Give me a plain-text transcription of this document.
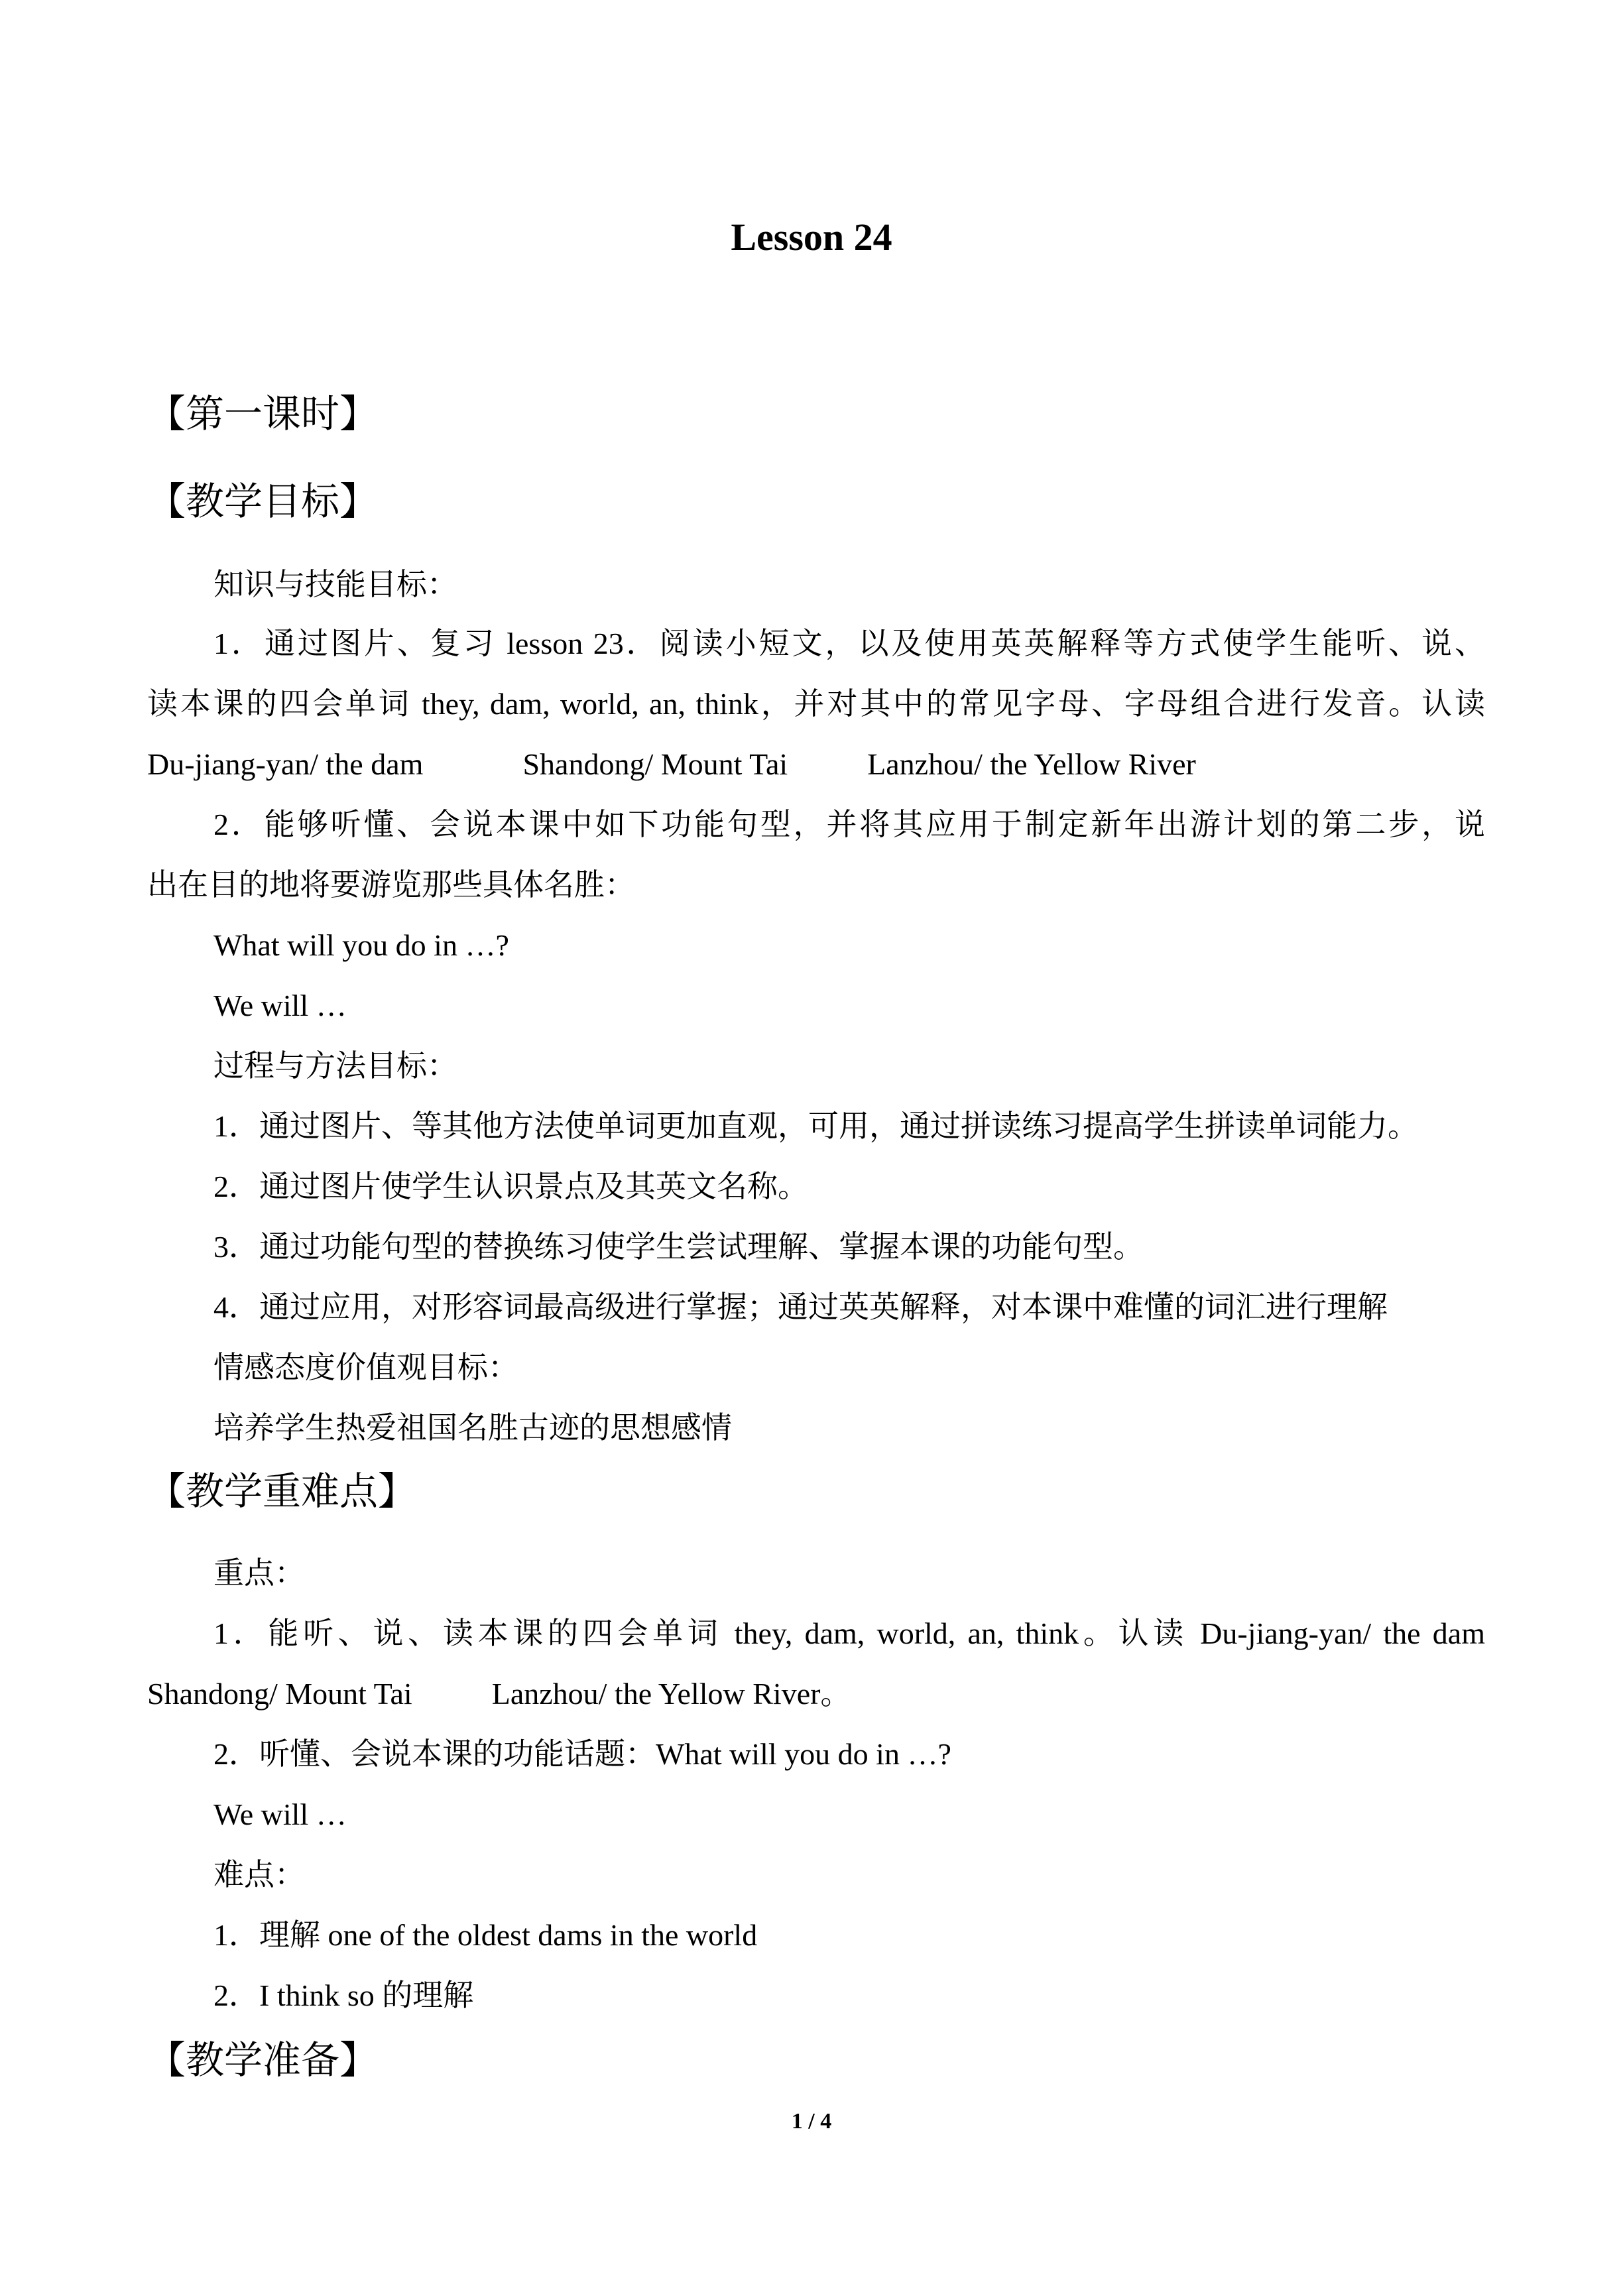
Lesson 24
【第一课时】
【教学目标】
知识与技能目标：
1．通过图片、复习 lesson 23．阅读小短文，以及使用英英解释等方式使学生能听、说、
读本课的四会单词 they, dam, world, an, think，并对其中的常见字母、字母组合进行发音。认读
Du-jiang-yan/ the dam	Shandong/ Mount Tai	Lanzhou/ the Yellow River
2．能够听懂、会说本课中如下功能句型，并将其应用于制定新年出游计划的第二步，说
出在目的地将要游览那些具体名胜：
What will you do in …?
We will …
过程与方法目标：
1．通过图片、等其他方法使单词更加直观，可用，通过拼读练习提高学生拼读单词能力。
2．通过图片使学生认识景点及其英文名称。
3．通过功能句型的替换练习使学生尝试理解、掌握本课的功能句型。
4．通过应用，对形容词最高级进行掌握；通过英英解释，对本课中难懂的词汇进行理解
情感态度价值观目标：
培养学生热爱祖国名胜古迹的思想感情
【教学重难点】
重点：
1．能听、说、读本课的四会单词 they, dam, world, an, think。认读 Du-jiang-yan/ the dam
Shandong/ Mount Tai	Lanzhou/ the Yellow River。
2．听懂、会说本课的功能话题：What will you do in …?
We will …
难点：
1．理解 one of the oldest dams in the world
2．I think so 的理解
【教学准备】
1 / 4
